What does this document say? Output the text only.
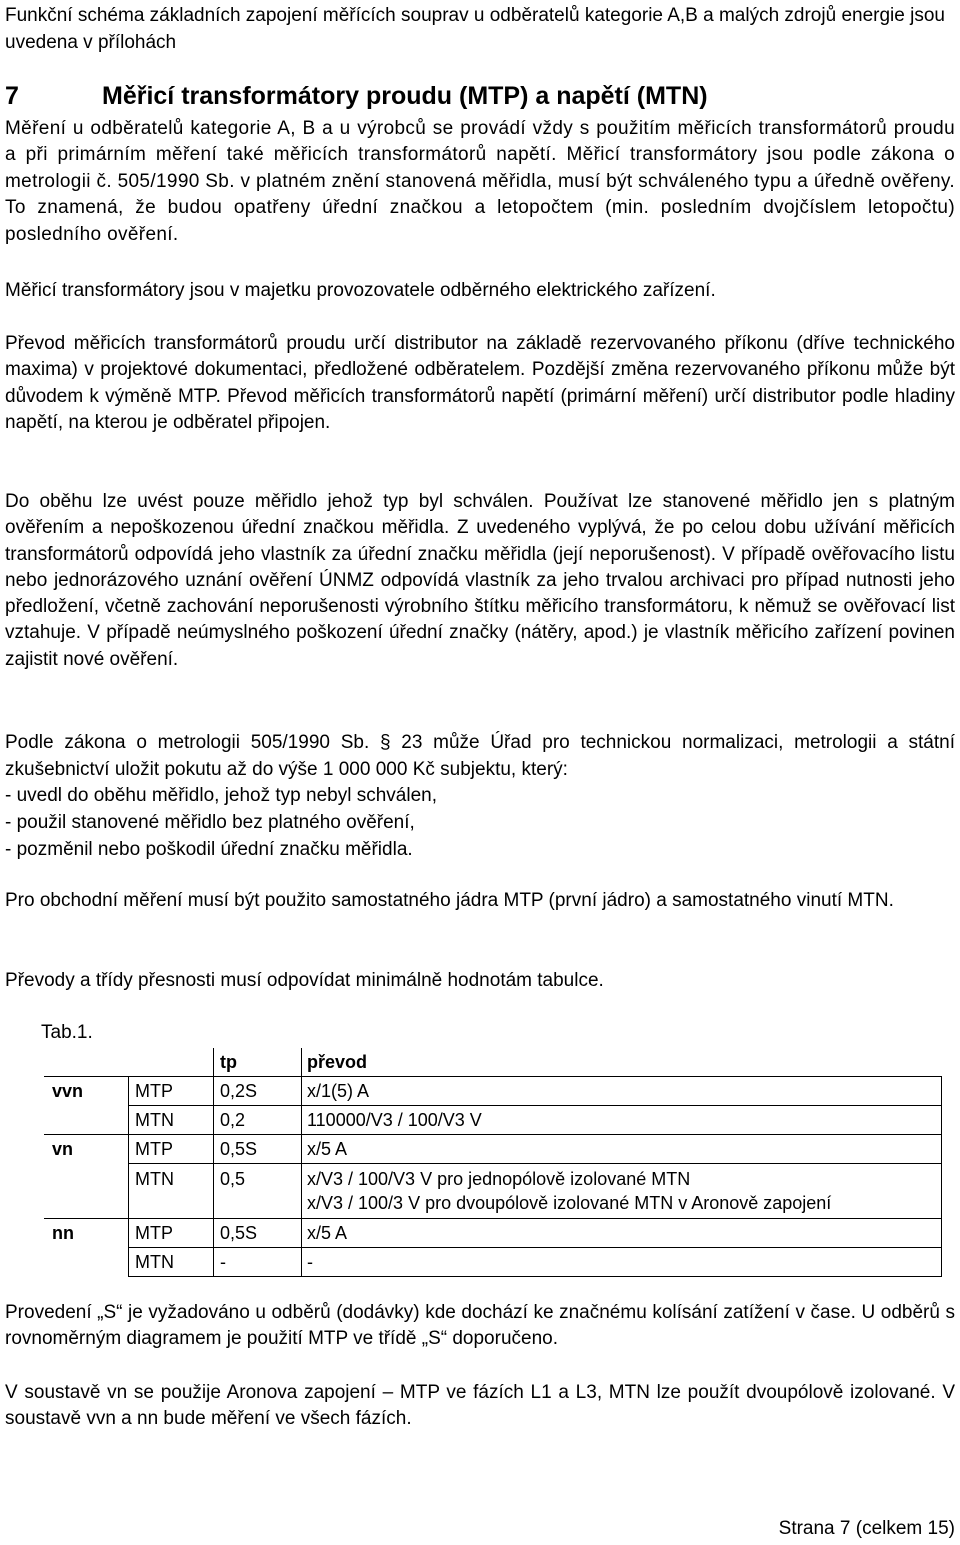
Funkční schéma základních zapojení měřících souprav u odběratelů kategorie A,B a malých zdrojů energie jsou uvedena v přílohách

7	Měřicí transformátory proudu (MTP) a napětí (MTN)

Měření u odběratelů kategorie A, B a u výrobců se provádí vždy s použitím měřicích transformátorů proudu a při primárním měření také měřicích transformátorů napětí. Měřicí transformátory jsou podle zákona o metrologii č. 505/1990 Sb. v platném znění stanovená měřidla, musí být schváleného typu a úředně ověřeny. To znamená, že budou opatřeny úřední značkou a letopočtem (min. posledním dvojčíslem letopočtu) posledního ověření.

Měřicí transformátory jsou v majetku provozovatele odběrného elektrického zařízení.

Převod měřicích transformátorů proudu určí distributor na základě rezervovaného příkonu (dříve technického maxima) v projektové dokumentaci, předložené odběratelem. Pozdější změna rezervovaného příkonu může být důvodem k výměně MTP. Převod měřicích transformátorů napětí (primární měření) určí distributor podle hladiny napětí, na kterou je odběratel připojen.

Do oběhu lze uvést pouze měřidlo jehož typ byl schválen. Používat lze stanovené měřidlo jen s platným ověřením a nepoškozenou úřední značkou měřidla. Z uvedeného vyplývá, že po celou dobu užívání měřicích transformátorů odpovídá jeho vlastník za úřední značku měřidla (její neporušenost). V případě ověřovacího listu nebo jednorázového uznání ověření ÚNMZ odpovídá vlastník za jeho trvalou archivaci pro případ nutnosti jeho předložení, včetně zachování neporušenosti výrobního štítku měřicího transformátoru, k němuž se ověřovací list vztahuje. V případě neúmyslného poškození úřední značky (nátěry, apod.) je vlastník měřicího zařízení povinen zajistit nové ověření.

Podle zákona o metrologii 505/1990 Sb. § 23 může Úřad pro technickou normalizaci, metrologii a státní zkušebnictví uložit pokutu až do výše 1 000 000 Kč subjektu, který:
- uvedl do oběhu měřidlo, jehož typ nebyl schválen,
- použil stanovené měřidlo bez platného ověření,
- pozměnil nebo poškodil úřední značku měřidla.

Pro obchodní měření musí být použito samostatného jádra MTP (první jádro) a samostatného vinutí MTN.

Převody a třídy přesnosti musí odpovídat minimálně hodnotám tabulce.

Tab.1.

		tp	převod
vvn	MTP	0,2S	x/1(5) A
	MTN	0,2	110000/V3 / 100/V3 V
vn	MTP	0,5S	x/5 A
	MTN	0,5	x/V3 / 100/V3 V pro jednopólově izolované MTN
x/V3 / 100/3 V pro dvoupólově izolované MTN v Aronově zapojení

nn	MTP	0,5S	x/5 A
	MTN	-	-

Provedení „S“ je vyžadováno u odběrů (dodávky) kde dochází ke značnému kolísání zatížení v čase. U odběrů s rovnoměrným diagramem je použití MTP ve třídě „S“ doporučeno.

V soustavě vn se použije Aronova zapojení – MTP ve fázích L1 a L3, MTN lze použít dvoupólově izolované. V soustavě vvn a nn bude měření ve všech fázích.

Strana 7 (celkem 15)
